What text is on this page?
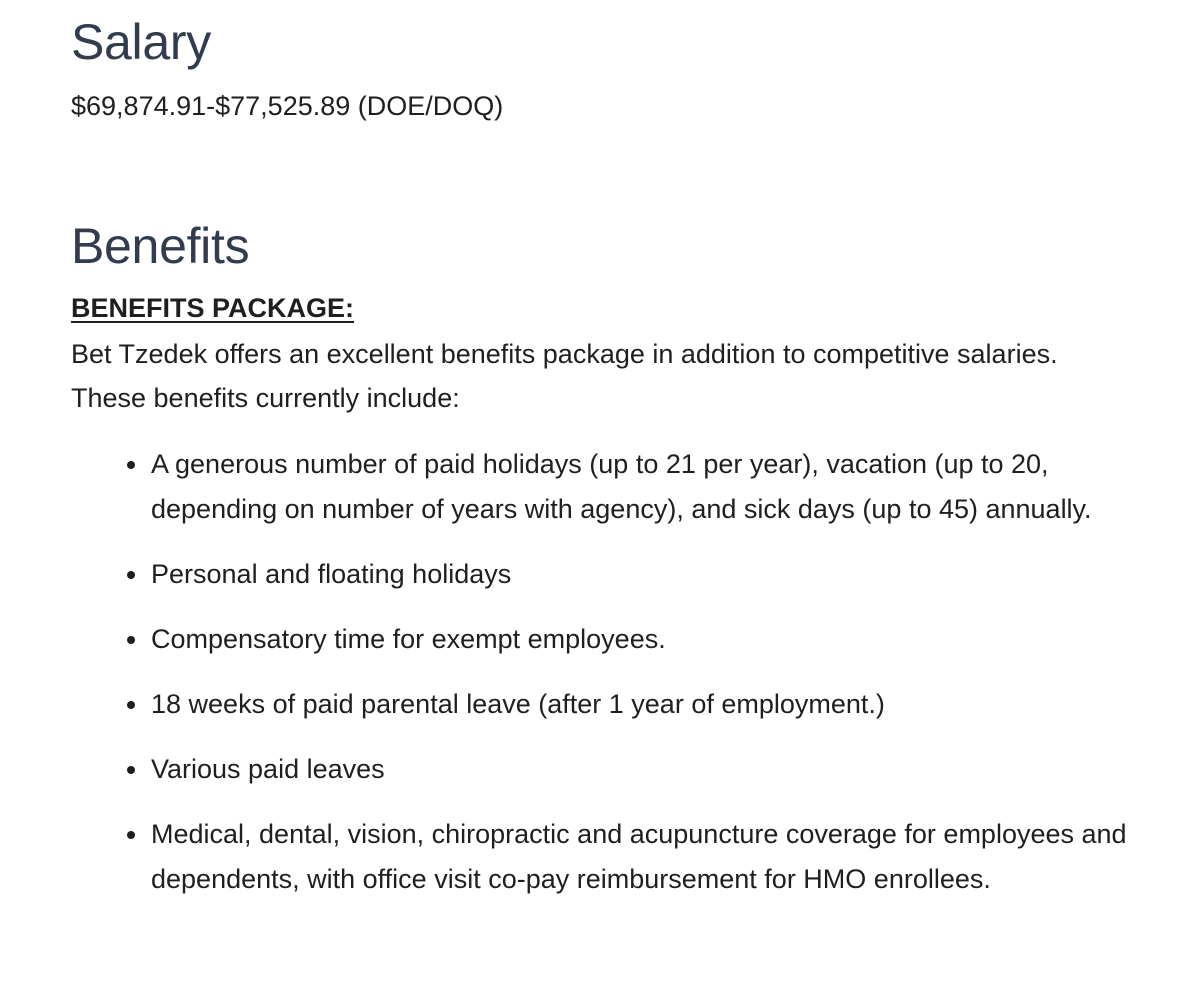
Salary

$69,874.91-$77,525.89 (DOE/DOQ)

Benefits

BENEFITS PACKAGE:

Bet Tzedek offers an excellent benefits package in addition to competitive salaries. These benefits currently include:

A generous number of paid holidays (up to 21 per year), vacation (up to 20, depending on number of years with agency), and sick days (up to 45) annually.
Personal and floating holidays
Compensatory time for exempt employees.
18 weeks of paid parental leave (after 1 year of employment.)
Various paid leaves
Medical, dental, vision, chiropractic and acupuncture coverage for employees and dependents, with office visit co-pay reimbursement for HMO enrollees.
